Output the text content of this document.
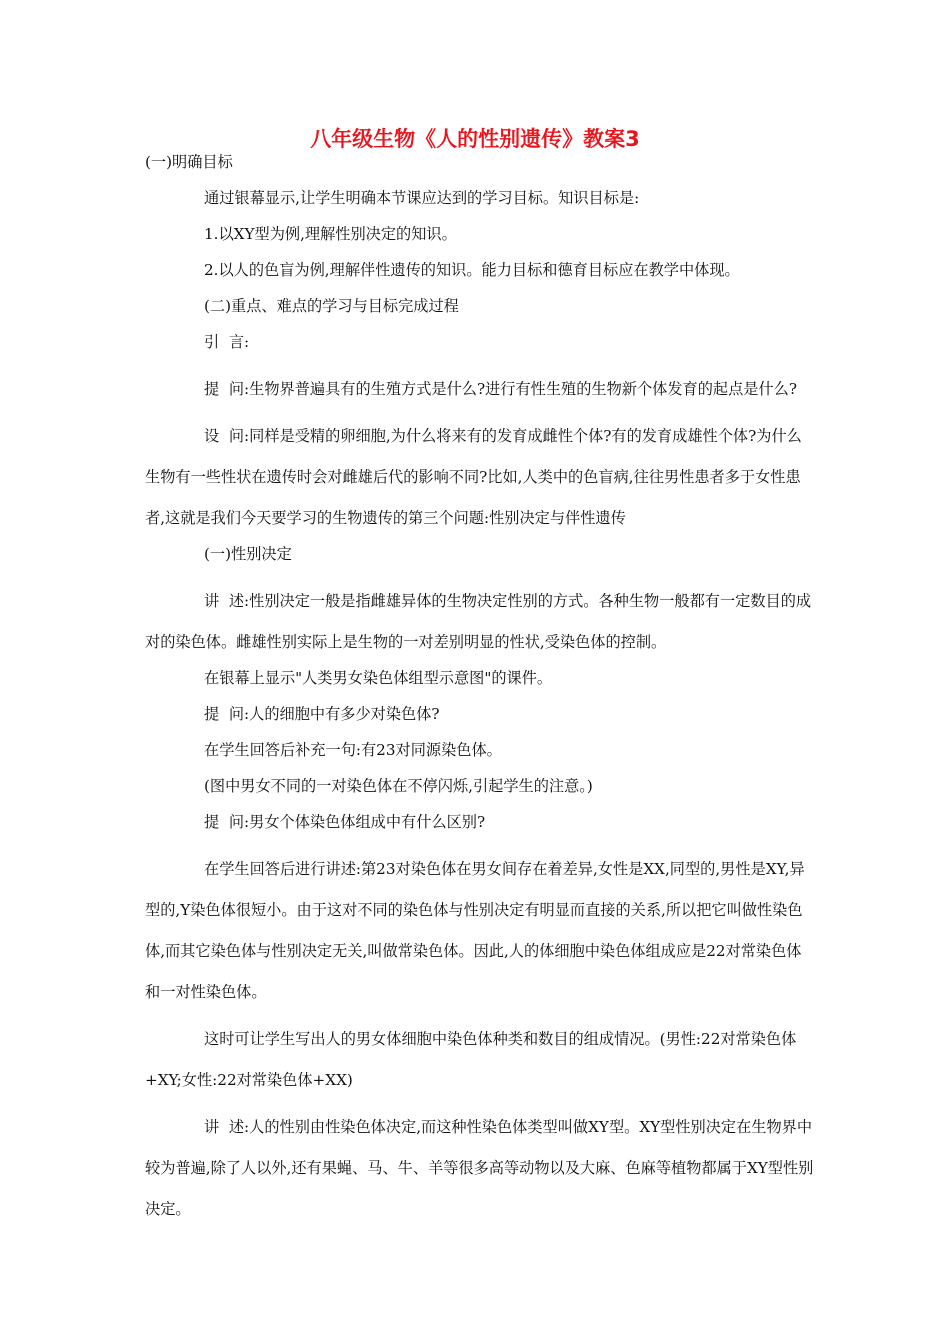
八年级生物《人的性别遗传》教案3

(一)明确目标

通过银幕显示,让学生明确本节课应达到的学习目标。知识目标是:

1.以XY型为例,理解性别决定的知识。

2.以人的色盲为例,理解伴性遗传的知识。能力目标和德育目标应在教学中体现。

(二)重点、难点的学习与目标完成过程

引  言:

提  问:生物界普遍具有的生殖方式是什么?进行有性生殖的生物新个体发育的起点是什么?

设  问:同样是受精的卵细胞,为什么将来有的发育成雌性个体?有的发育成雄性个体?为什么生物有一些性状在遗传时会对雌雄后代的影响不同?比如,人类中的色盲病,往往男性患者多于女性患者,这就是我们今天要学习的生物遗传的第三个问题:性别决定与伴性遗传

(一)性别决定

讲  述:性别决定一般是指雌雄异体的生物决定性别的方式。各种生物一般都有一定数目的成对的染色体。雌雄性别实际上是生物的一对差别明显的性状,受染色体的控制。

在银幕上显示"人类男女染色体组型示意图"的课件。

提  问:人的细胞中有多少对染色体?

在学生回答后补充一句:有23对同源染色体。

(图中男女不同的一对染色体在不停闪烁,引起学生的注意。)

提  问:男女个体染色体组成中有什么区别?

在学生回答后进行讲述:第23对染色体在男女间存在着差异,女性是XX,同型的,男性是XY,异型的,Y染色体很短小。由于这对不同的染色体与性别决定有明显而直接的关系,所以把它叫做性染色体,而其它染色体与性别决定无关,叫做常染色体。因此,人的体细胞中染色体组成应是22对常染色体和一对性染色体。

这时可让学生写出人的男女体细胞中染色体种类和数目的组成情况。(男性:22对常染色体+XY;女性:22对常染色体+XX)

讲  述:人的性别由性染色体决定,而这种性染色体类型叫做XY型。XY型性别决定在生物界中较为普遍,除了人以外,还有果蝇、马、牛、羊等很多高等动物以及大麻、色麻等植物都属于XY型性别决定。
